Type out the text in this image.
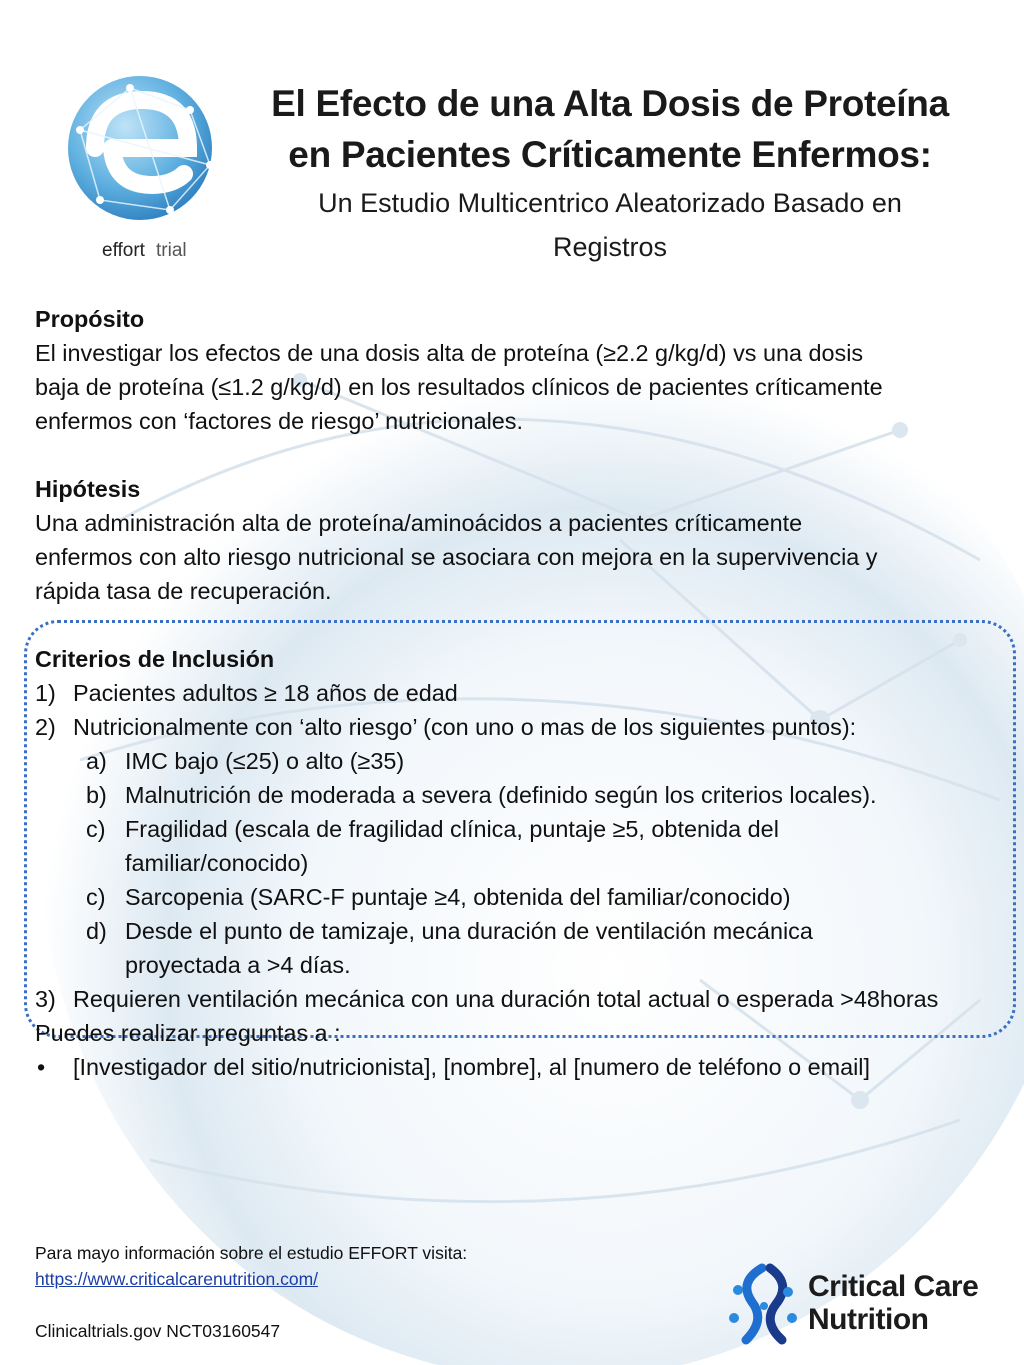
effort trial
El Efecto de una Alta Dosis de Proteína
en Pacientes Críticamente Enfermos:
Un Estudio Multicentrico Aleatorizado Basado en
Registros
Propósito
El investigar los efectos de una dosis alta de proteína (≥2.2 g/kg/d) vs una dosis
baja de proteína (≤1.2 g/kg/d) en los resultados clínicos de pacientes críticamente
enfermos con ‘factores de riesgo’ nutricionales.
Hipótesis
Una administración alta de proteína/aminoácidos a pacientes críticamente
enfermos con alto riesgo nutricional se asociara con mejora en la supervivencia y
rápida tasa de recuperación.
Criterios de Inclusión
1) Pacientes adultos ≥ 18 años de edad
2) Nutricionalmente con ‘alto riesgo’ (con uno o mas de los siguientes puntos):
a) IMC bajo (≤25) o alto (≥35)
b) Malnutrición de moderada a severa (definido según los criterios locales).
c) Fragilidad (escala de fragilidad clínica, puntaje ≥5, obtenida del familiar/conocido)
c) Sarcopenia (SARC-F puntaje ≥4, obtenida del familiar/conocido)
d) Desde el punto de tamizaje, una duración de ventilación mecánica proyectada a >4 días.
3) Requieren ventilación mecánica con una duración total actual o esperada >48horas
Puedes realizar preguntas a :
• [Investigador del sitio/nutricionista], [nombre], al [numero de teléfono o email]
Para mayo información sobre el estudio EFFORT visita:
https://www.criticalcarenutrition.com/
Clinicaltrials.gov NCT03160547
Critical Care
Nutrition
